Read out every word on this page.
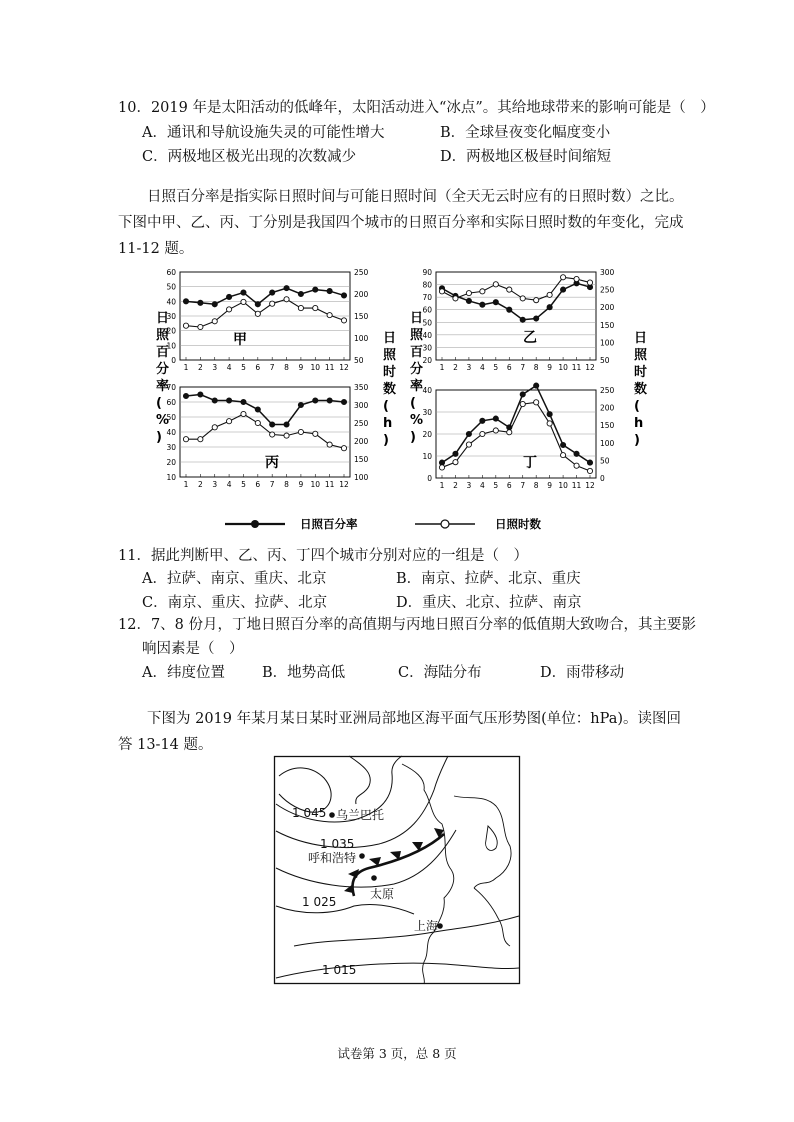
10．2019 年是太阳活动的低峰年，太阳活动进入“冰点”。其给地球带来的影响可能是（　）
A．通讯和导航设施失灵的可能性增大	B．全球昼夜变化幅度变小
C．两极地区极光出现的次数减少	D．两极地区极昼时间缩短
日照百分率是指实际日照时间与可能日照时间（全天无云时应有的日照时数）之比。下图中甲、乙、丙、丁分别是我国四个城市的日照百分率和实际日照时数的年变化，完成 11-12 题。
60
50
40
30
20
10
0
250
200
150
100
50
1 2 3 4 5 6 7 8 9 10 11 12
甲
90
80
70
60
50
40
30
20
300
250
200
150
100
50
1 2 3 4 5 6 7 8 9 10 11 12
乙
70
60
50
40
30
20
10
350
300
250
200
150
100
1 2 3 4 5 6 7 8 9 10 11 12
丙
40
30
20
10
0
250
200
150
100
50
0
1 2 3 4 5 6 7 8 9 10 11 12
丁
日照百分率( % )
日照时数( h )
日照百分率( % )
日照时数( h )
日照百分率	日照时数
11．据此判断甲、乙、丙、丁四个城市分别对应的一组是（　）
A．拉萨、南京、重庆、北京	B．南京、拉萨、北京、重庆
C．南京、重庆、拉萨、北京	D．重庆、北京、拉萨、南京
12．7、8 份月，丁地日照百分率的高值期与丙地日照百分率的低值期大致吻合，其主要影
响因素是（　）
A．纬度位置	B．地势高低	C．海陆分布	D．雨带移动
下图为 2019 年某月某日某时亚洲局部地区海平面气压形势图(单位：hPa)。读图回答 13-14 题。
1 045
1 035
1 025
1 015
乌兰巴托
呼和浩特
太原
上海
试卷第 3 页，总 8 页
